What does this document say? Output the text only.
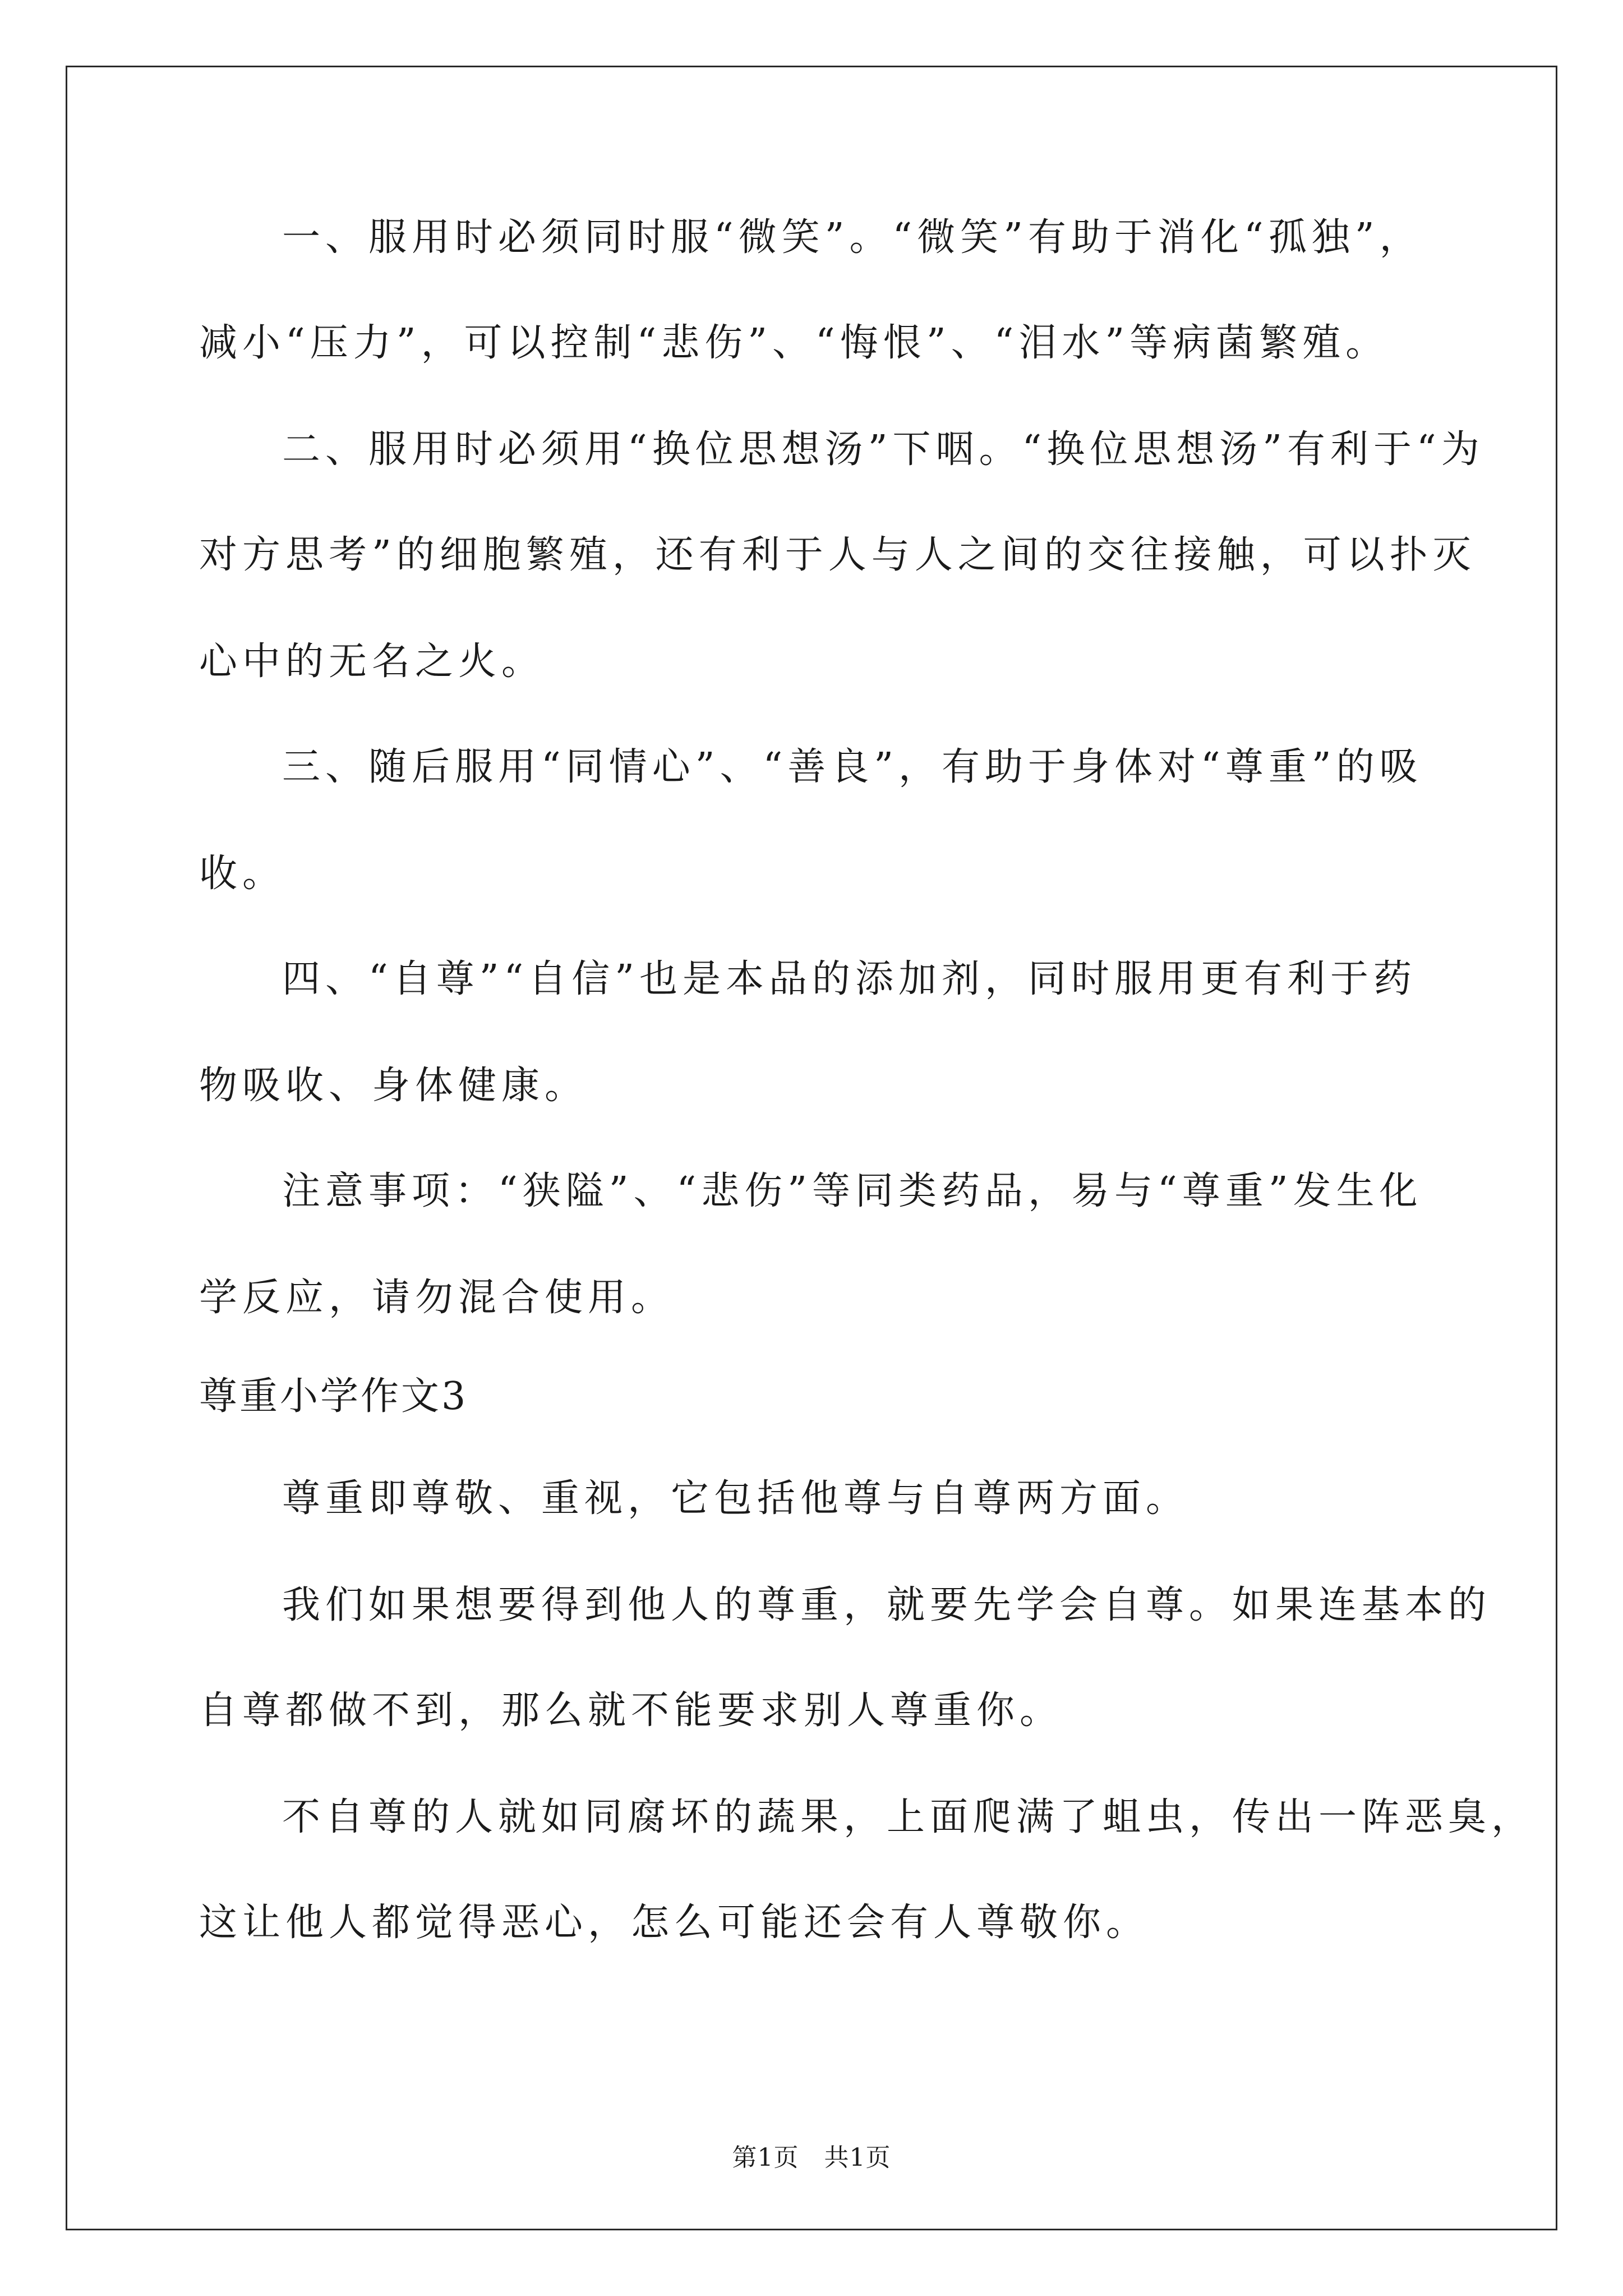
一、服用时必须同时服“微笑”。“微笑”有助于消化“孤独”，
减小“压力”，可以控制“悲伤”、“悔恨”、“泪水”等病菌繁殖。
二、服用时必须用“换位思想汤”下咽。“换位思想汤”有利于“为
对方思考”的细胞繁殖，还有利于人与人之间的交往接触，可以扑灭
心中的无名之火。
三、随后服用“同情心”、“善良”，有助于身体对“尊重”的吸
收。
四、“自尊”“自信”也是本品的添加剂，同时服用更有利于药
物吸收、身体健康。
注意事项：“狭隘”、“悲伤”等同类药品，易与“尊重”发生化
学反应，请勿混合使用。
尊重小学作文3
尊重即尊敬、重视，它包括他尊与自尊两方面。
我们如果想要得到他人的尊重，就要先学会自尊。如果连基本的
自尊都做不到，那么就不能要求别人尊重你。
不自尊的人就如同腐坏的蔬果，上面爬满了蛆虫，传出一阵恶臭，
这让他人都觉得恶心，怎么可能还会有人尊敬你。
第1页　共1页
